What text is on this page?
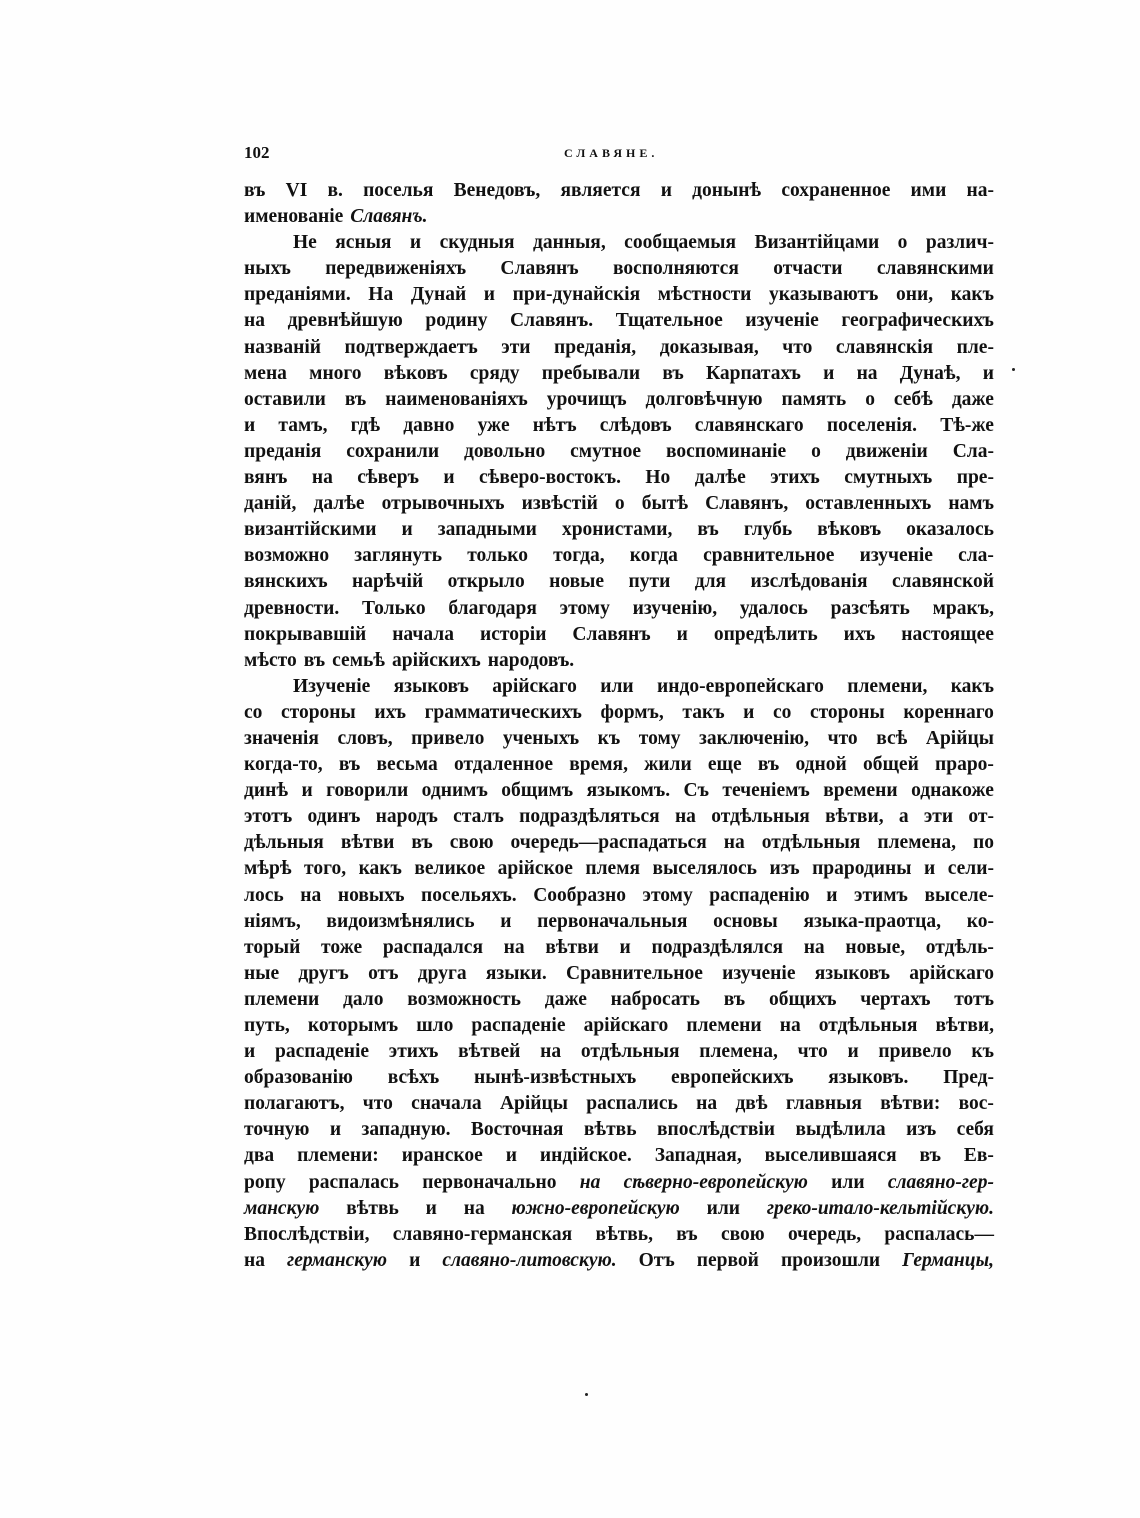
102	СЛАВЯНЕ.
въ VI в. поселья Венедовъ, является и донынѣ сохраненное ими на-
именованіе Славянъ.
Не ясныя и скудныя данныя, сообщаемыя Византійцами о различ-
ныхъ передвиженіяхъ Славянъ восполняются отчасти славянскими
преданіями. На Дунай и при-дунайскія мѣстности указываютъ они, какъ
на древнѣйшую родину Славянъ. Тщательное изученіе географическихъ
названій подтверждаетъ эти преданія, доказывая, что славянскія пле-
мена много вѣковъ сряду пребывали въ Карпатахъ и на Дунаѣ, и
оставили въ наименованіяхъ урочищъ долговѣчную память о себѣ даже
и тамъ, гдѣ давно уже нѣтъ слѣдовъ славянскаго поселенія. Тѣ-же
преданія сохранили довольно смутное воспоминаніе о движеніи Сла-
вянъ на сѣверъ и сѣверо-востокъ. Но далѣе этихъ смутныхъ пре-
даній, далѣе отрывочныхъ извѣстій о бытѣ Славянъ, оставленныхъ намъ
византійскими и западными хронистами, въ глубь вѣковъ оказалось
возможно заглянуть только тогда, когда сравнительное изученіе сла-
вянскихъ нарѣчій открыло новые пути для изслѣдованія славянской
древности. Только благодаря этому изученію, удалось разсѣять мракъ,
покрывавшій начала исторіи Славянъ и опредѣлить ихъ настоящее
мѣсто въ семьѣ арійскихъ народовъ.
Изученіе языковъ арійскаго или индо-европейскаго племени, какъ
со стороны ихъ грамматическихъ формъ, такъ и со стороны кореннаго
значенія словъ, привело ученыхъ къ тому заключенію, что всѣ Арійцы
когда-то, въ весьма отдаленное время, жили еще въ одной общей прaро-
динѣ и говорили однимъ общимъ языкомъ. Съ теченіемъ времени однакоже
этотъ одинъ народъ сталъ подраздѣляться на отдѣльныя вѣтви, а эти от-
дѣльныя вѣтви въ свою очередь—распадаться на отдѣльныя племена, по
мѣрѣ того, какъ великое арійское племя выселялось изъ прародины и сели-
лось на новыхъ посельяхъ. Сообразно этому распаденію и этимъ выселе-
ніямъ, видоизмѣнялись и первоначальныя основы языка-праотца, ко-
торый тоже распадался на вѣтви и подраздѣлялся на новые, отдѣль-
ные другъ отъ друга языки. Сравнительное изученіе языковъ арійскаго
племени дало возможность даже набросать въ общихъ чертахъ тотъ
путь, которымъ шло распаденіе арійскаго племени на отдѣльныя вѣтви,
и распаденіе этихъ вѣтвей на отдѣльныя племена, что и привело къ
образованію всѣхъ нынѣ-извѣстныхъ европейскихъ языковъ. Пред-
полагаютъ, что сначала Арійцы распались на двѣ главныя вѣтви: вос-
точную и западную. Восточная вѣтвь впослѣдствіи выдѣлила изъ себя
два племени: иранское и индійское. Западная, выселившаяся въ Ев-
ропу распалась первоначально на сѣверно-европейскую или славяно-гер-
манскую вѣтвь и на южно-европейскую или греко-итало-кельтійскую.
Впослѣдствіи, славяно-германская вѣтвь, въ свою очередь, распалась—
на германскую и славяно-литовскую. Отъ первой произошли Германцы,
